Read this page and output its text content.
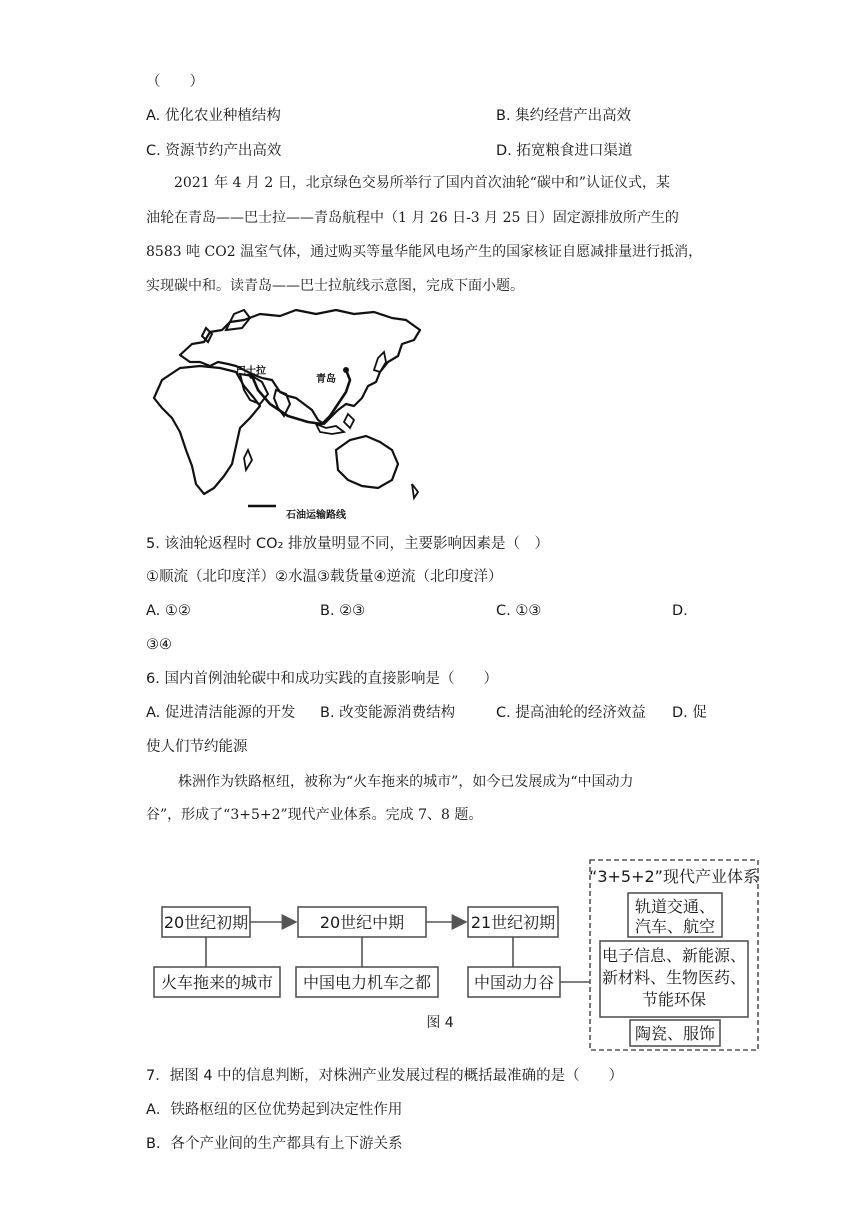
（　　）
A. 优化农业种植结构	B. 集约经营产出高效
C. 资源节约产出高效	D. 拓宽粮食进口渠道
2021 年 4 月 2 日，北京绿色交易所举行了国内首次油轮“碳中和”认证仪式，某
油轮在青岛——巴士拉——青岛航程中（1 月 26 日-3 月 25 日）固定源排放所产生的
8583 吨 CO2 温室气体，通过购买等量华能风电场产生的国家核证自愿减排量进行抵消，
实现碳中和。读青岛——巴士拉航线示意图，完成下面小题。
巴士拉
青岛
石油运输路线
5. 该油轮返程时 CO₂ 排放量明显不同，主要影响因素是（　）
①顺流（北印度洋）②水温③载货量④逆流（北印度洋）
A. ①②	B. ②③	C. ①③	D.
③④
6. 国内首例油轮碳中和成功实践的直接影响是（　　）
A. 促进清洁能源的开发 B. 改变能源消费结构	C. 提高油轮的经济效益 D. 促
使人们节约能源
株洲作为铁路枢纽，被称为“火车拖来的城市”，如今已发展成为“中国动力
谷”，形成了“3+5+2”现代产业体系。完成 7、8 题。
20世纪初期	20世纪中期	21世纪初期
火车拖来的城市 中国电力机车之都	中国动力谷
“3+5+2”现代产业体系
轨道交通、
汽车、航空
电子信息、新能源、
新材料、生物医药、
节能环保
陶瓷、服饰
图 4
7．据图 4 中的信息判断，对株洲产业发展过程的概括最准确的是（　　）
A．铁路枢纽的区位优势起到决定性作用
B．各个产业间的生产都具有上下游关系
